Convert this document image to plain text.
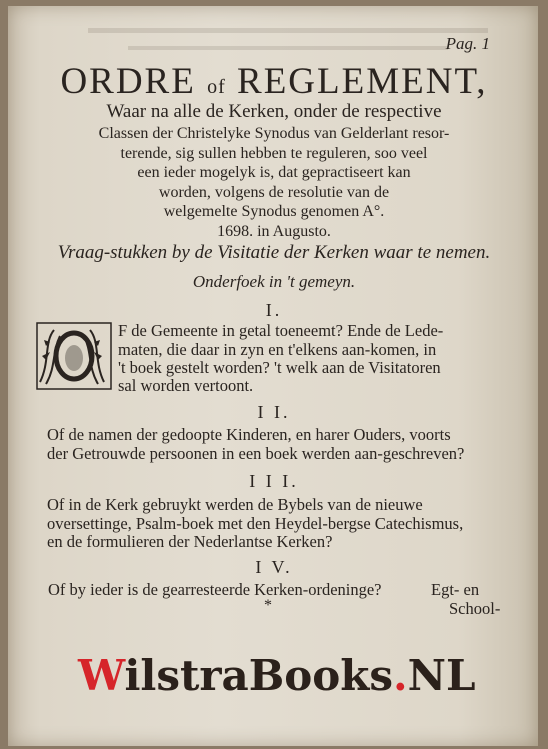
Pag. 1
ORDRE of REGLEMENT,
Waar na alle de Kerken, onder de respective
Classen der Christelyke Synodus van Gelderlant resor-
terende, sig sullen hebben te reguleren, soo veel
een ieder mogelyk is, dat gepractiseert kan
worden, volgens de resolutie van de
welgemelte Synodus genomen A°.
1698. in Augusto.
Vraag-stukken by de Visitatie der Kerken waar te nemen.
Onderfoek in 't gemeyn.
I.
O
F de Gemeente in getal toeneemt? Ende de Lede-
maten, die daar in zyn en t'elkens aan-komen, in
't boek gestelt worden? 't welk aan de Visitatoren
sal worden vertoont.
I I.
Of de namen der gedoopte Kinderen, en harer Ouders, voorts
der Getrouwde persoonen in een boek werden aan-geschreven?
I I I.
Of in de Kerk gebruykt werden de Bybels van de nieuwe
oversettinge, Psalm-boek met den Heydel-bergse Catechismus,
en de formulieren der Nederlantse Kerken?
I V.
Of by ieder is de gearresteerde Kerken-ordeninge?	Egt- en
*	School-
WilstraBooks.NL
